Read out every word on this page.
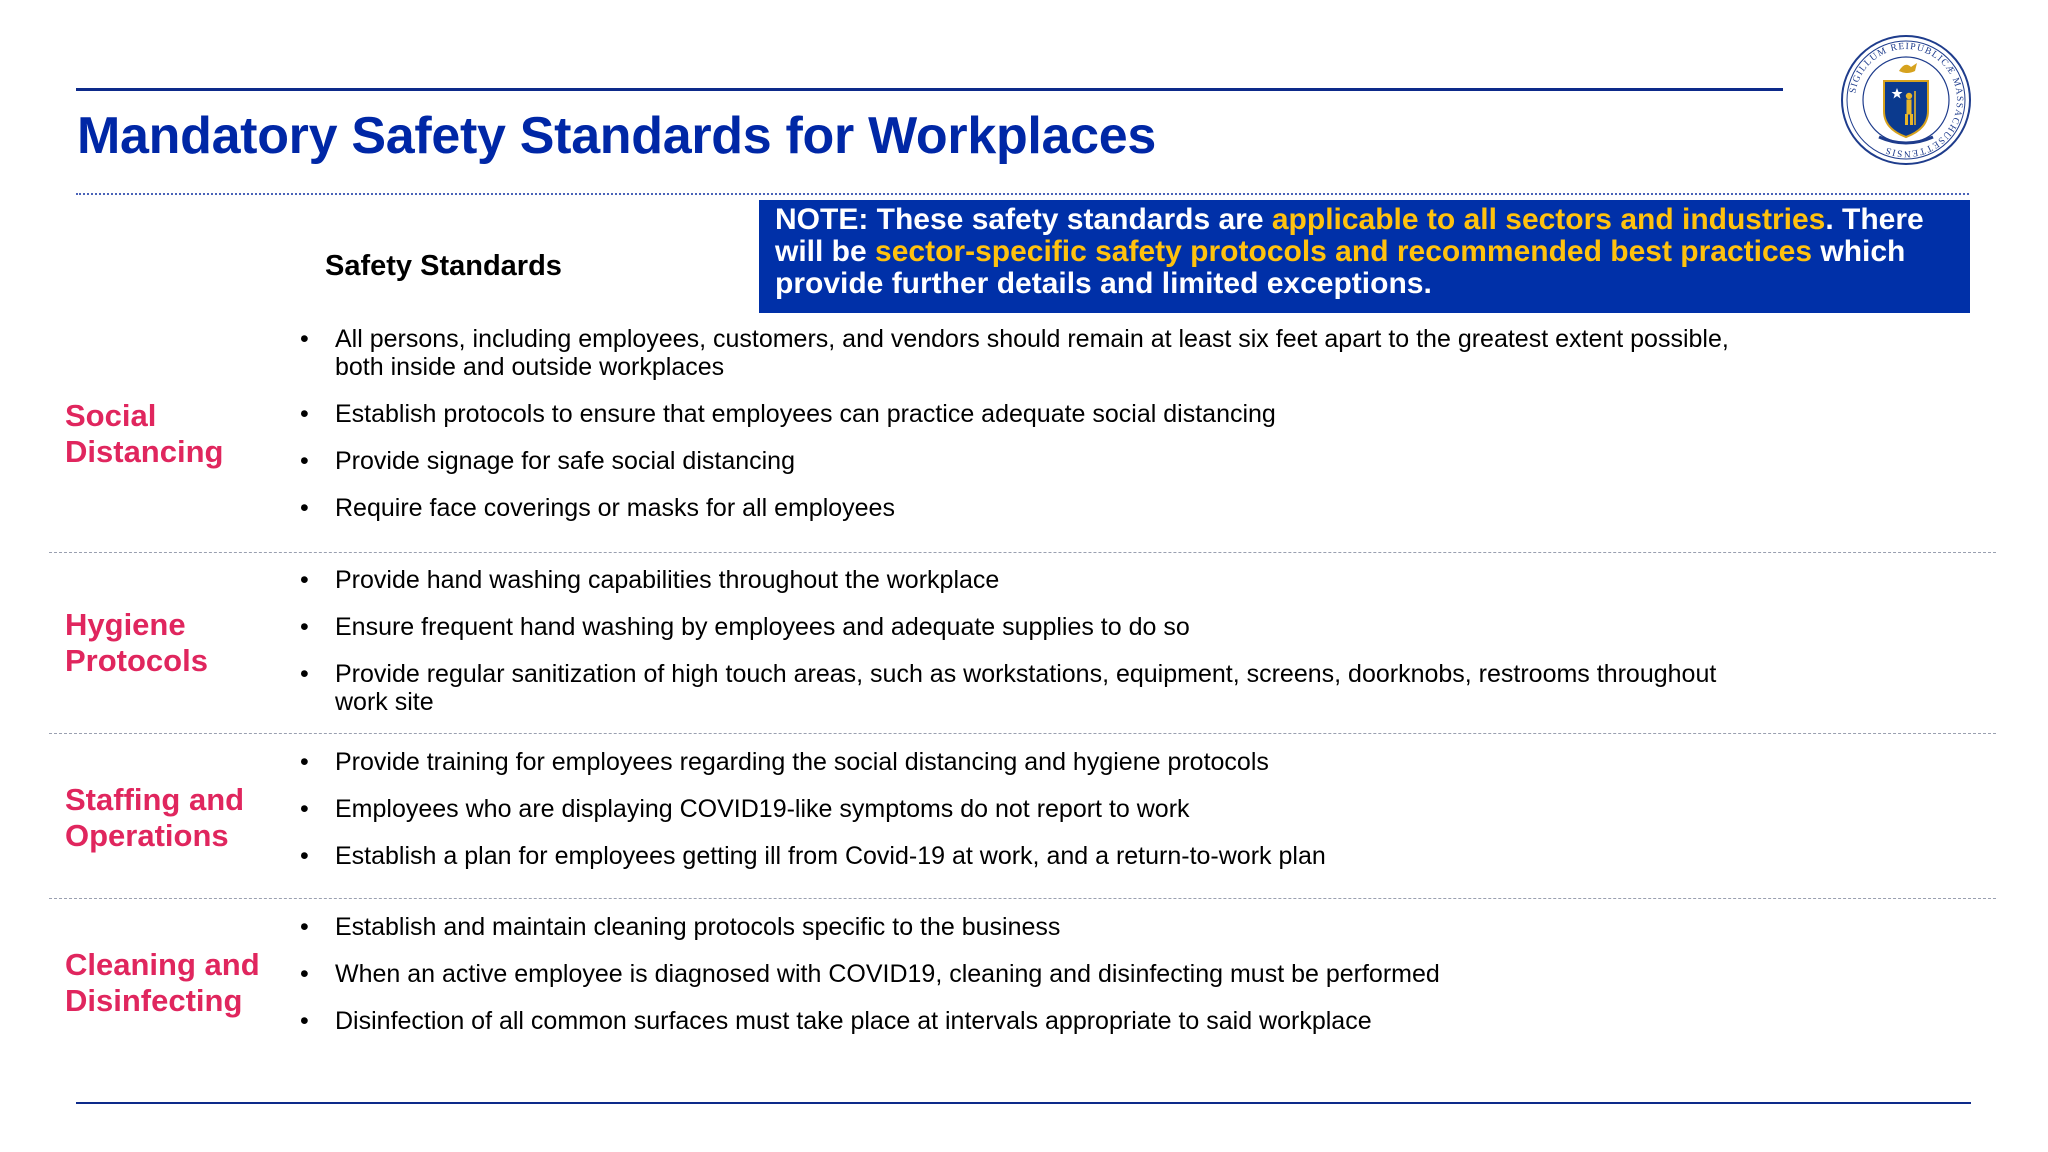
Mandatory Safety Standards for Workplaces
SIGILLUM REIPUBLICÆ MASSACHUSETTENSIS
NOTE: These safety standards are applicable to all sectors and industries. There will be sector-specific safety protocols and recommended best practices which provide further details and limited exceptions.
Safety Standards
Social
Distancing
• All persons, including employees, customers, and vendors should remain at least six feet apart to the greatest extent possible, both inside and outside workplaces
• Establish protocols to ensure that employees can practice adequate social distancing
• Provide signage for safe social distancing
• Require face coverings or masks for all employees
Hygiene
Protocols
• Provide hand washing capabilities throughout the workplace
• Ensure frequent hand washing by employees and adequate supplies to do so
• Provide regular sanitization of high touch areas, such as workstations, equipment, screens, doorknobs, restrooms throughout work site
Staffing and
Operations
• Provide training for employees regarding the social distancing and hygiene protocols
• Employees who are displaying COVID19-like symptoms do not report to work
• Establish a plan for employees getting ill from Covid-19 at work, and a return-to-work plan
Cleaning and
Disinfecting
• Establish and maintain cleaning protocols specific to the business
• When an active employee is diagnosed with COVID19, cleaning and disinfecting must be performed
• Disinfection of all common surfaces must take place at intervals appropriate to said workplace
